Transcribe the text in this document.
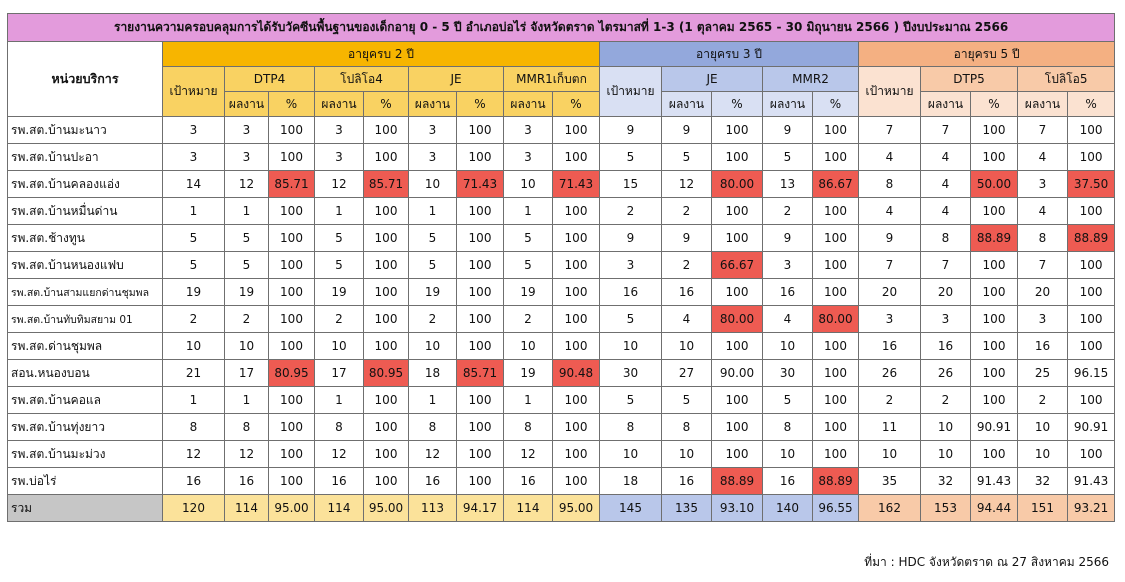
รายงานความครอบคลุมการได้รับวัคซีนพื้นฐานของเด็กอายุ 0 - 5 ปี อำเภอบ่อไร่ จังหวัดตราด ไตรมาสที่ 1-3 (1 ตุลาคม 2565 - 30 มิถุนายน 2566 ) ปีงบประมาณ 2566																			
หน่วยบริการ	อายุครบ 2 ปี									อายุครบ 3 ปี					อายุครบ 5 ปี				
	เป้าหมาย	DTP4		โปลิโอ4		JE		MMR1เก็บตก		เป้าหมาย	JE		MMR2		เป้าหมาย	DTP5		โปลิโอ5	
		ผลงาน	%	ผลงาน	%	ผลงาน	%	ผลงาน	%		ผลงาน	%	ผลงาน	%		ผลงาน	%	ผลงาน	%
รพ.สต.บ้านมะนาว	3	3	100	3	100	3	100	3	100	9	9	100	9	100	7	7	100	7	100
รพ.สต.บ้านปะอา	3	3	100	3	100	3	100	3	100	5	5	100	5	100	4	4	100	4	100
รพ.สต.บ้านคลองแอ่ง	14	12	85.71	12	85.71	10	71.43	10	71.43	15	12	80.00	13	86.67	8	4	50.00	3	37.50
รพ.สต.บ้านหมื่นด่าน	1	1	100	1	100	1	100	1	100	2	2	100	2	100	4	4	100	4	100
รพ.สต.ช้างทูน	5	5	100	5	100	5	100	5	100	9	9	100	9	100	9	8	88.89	8	88.89
รพ.สต.บ้านหนองแฟบ	5	5	100	5	100	5	100	5	100	3	2	66.67	3	100	7	7	100	7	100
รพ.สต.บ้านสามแยกด่านชุมพล	19	19	100	19	100	19	100	19	100	16	16	100	16	100	20	20	100	20	100
รพ.สต.บ้านทับทิมสยาม 01	2	2	100	2	100	2	100	2	100	5	4	80.00	4	80.00	3	3	100	3	100
รพ.สต.ด่านชุมพล	10	10	100	10	100	10	100	10	100	10	10	100	10	100	16	16	100	16	100
สอน.หนองบอน	21	17	80.95	17	80.95	18	85.71	19	90.48	30	27	90.00	30	100	26	26	100	25	96.15
รพ.สต.บ้านคอแล	1	1	100	1	100	1	100	1	100	5	5	100	5	100	2	2	100	2	100
รพ.สต.บ้านทุ่งยาว	8	8	100	8	100	8	100	8	100	8	8	100	8	100	11	10	90.91	10	90.91
รพ.สต.บ้านมะม่วง	12	12	100	12	100	12	100	12	100	10	10	100	10	100	10	10	100	10	100
รพ.บ่อไร่	16	16	100	16	100	16	100	16	100	18	16	88.89	16	88.89	35	32	91.43	32	91.43
รวม	120	114	95.00	114	95.00	113	94.17	114	95.00	145	135	93.10	140	96.55	162	153	94.44	151	93.21
ที่มา : HDC จังหวัดตราด ณ 27 สิงหาคม 2566
